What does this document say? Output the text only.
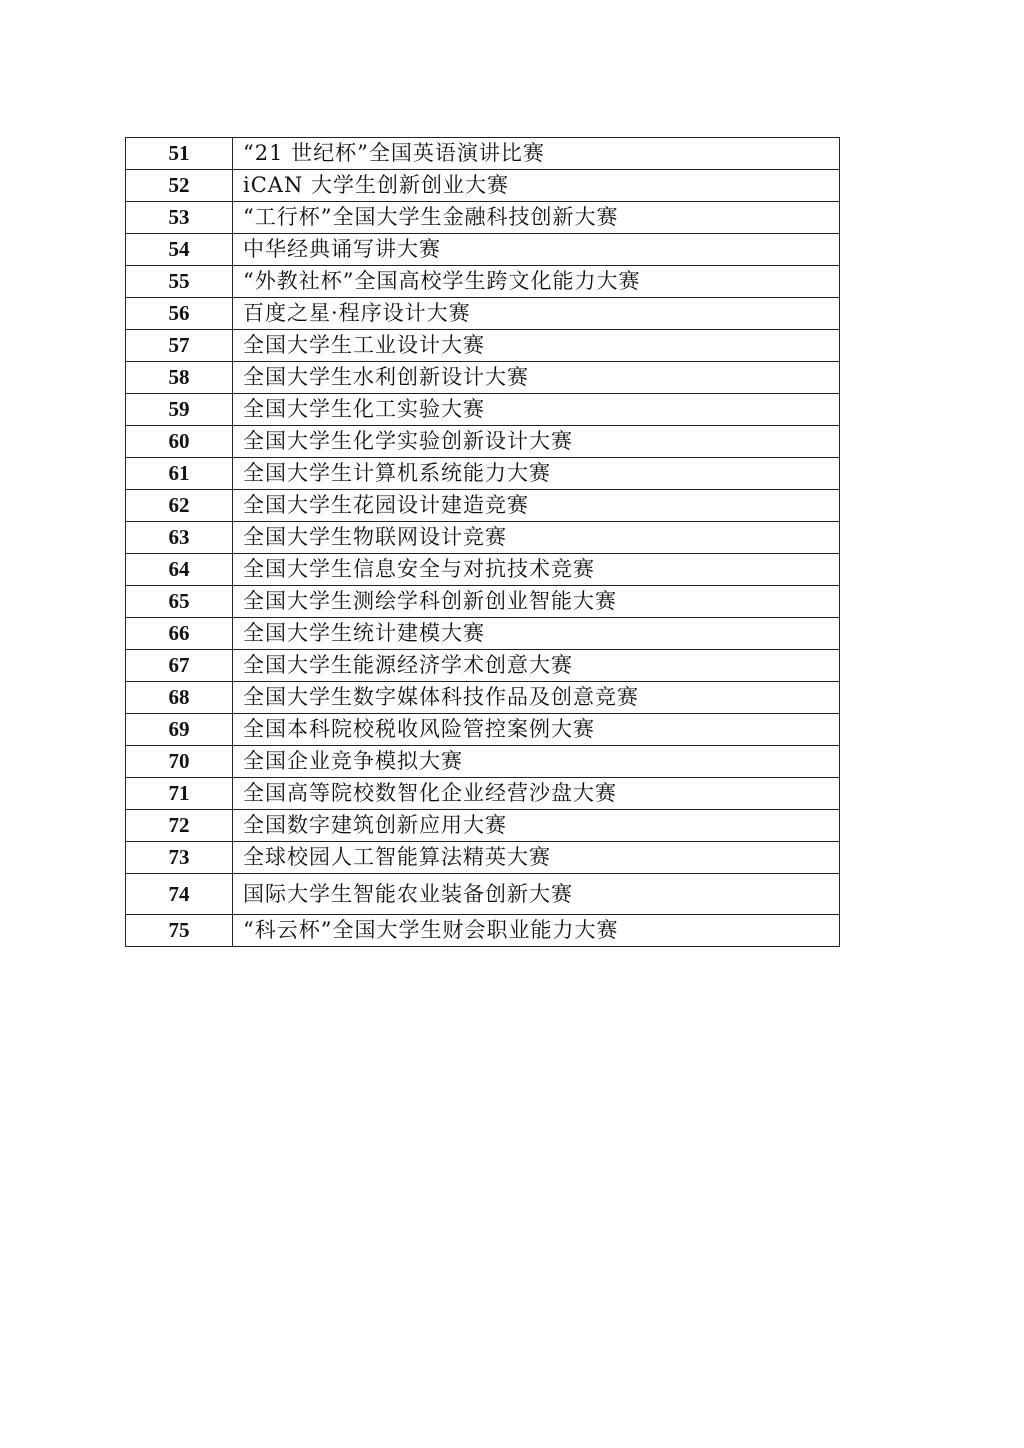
51	“21 世纪杯”全国英语演讲比赛
52	iCAN 大学生创新创业大赛
53	“工行杯”全国大学生金融科技创新大赛
54	中华经典诵写讲大赛
55	“外教社杯”全国高校学生跨文化能力大赛
56	百度之星·程序设计大赛
57	全国大学生工业设计大赛
58	全国大学生水利创新设计大赛
59	全国大学生化工实验大赛
60	全国大学生化学实验创新设计大赛
61	全国大学生计算机系统能力大赛
62	全国大学生花园设计建造竞赛
63	全国大学生物联网设计竞赛
64	全国大学生信息安全与对抗技术竞赛
65	全国大学生测绘学科创新创业智能大赛
66	全国大学生统计建模大赛
67	全国大学生能源经济学术创意大赛
68	全国大学生数字媒体科技作品及创意竞赛
69	全国本科院校税收风险管控案例大赛
70	全国企业竞争模拟大赛
71	全国高等院校数智化企业经营沙盘大赛
72	全国数字建筑创新应用大赛
73	全球校园人工智能算法精英大赛
74	国际大学生智能农业装备创新大赛
75	“科云杯”全国大学生财会职业能力大赛
